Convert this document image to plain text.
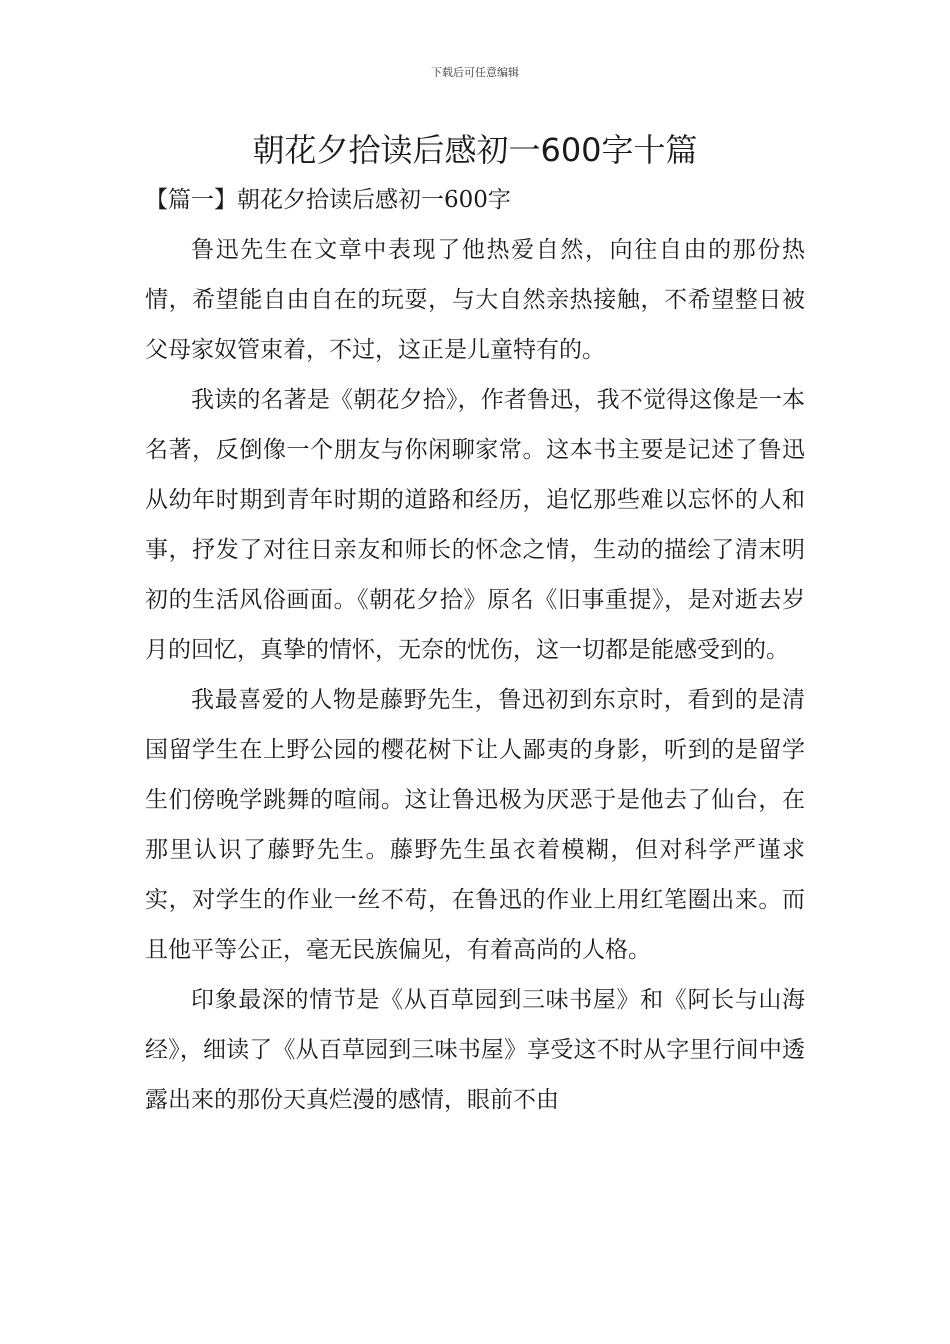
下载后可任意编辑
朝花夕拾读后感初一600字十篇
【篇一】朝花夕拾读后感初一600字

鲁迅先生在文章中表现了他热爱自然，向往自由的那份热情，希望能自由自在的玩耍，与大自然亲热接触，不希望整日被父母家奴管束着，不过，这正是儿童特有的。

我读的名著是《朝花夕拾》，作者鲁迅，我不觉得这像是一本名著，反倒像一个朋友与你闲聊家常。这本书主要是记述了鲁迅从幼年时期到青年时期的道路和经历，追忆那些难以忘怀的人和事，抒发了对往日亲友和师长的怀念之情，生动的描绘了清末明初的生活风俗画面。《朝花夕拾》原名《旧事重提》，是对逝去岁月的回忆，真挚的情怀，无奈的忧伤，这一切都是能感受到的。

我最喜爱的人物是藤野先生，鲁迅初到东京时，看到的是清国留学生在上野公园的樱花树下让人鄙夷的身影，听到的是留学生们傍晚学跳舞的喧闹。这让鲁迅极为厌恶于是他去了仙台，在那里认识了藤野先生。藤野先生虽衣着模糊，但对科学严谨求实，对学生的作业一丝不苟，在鲁迅的作业上用红笔圈出来。而且他平等公正，毫无民族偏见，有着高尚的人格。

印象最深的情节是《从百草园到三味书屋》和《阿长与山海经》，细读了《从百草园到三味书屋》享受这不时从字里行间中透露出来的那份天真烂漫的感情，眼前不由
